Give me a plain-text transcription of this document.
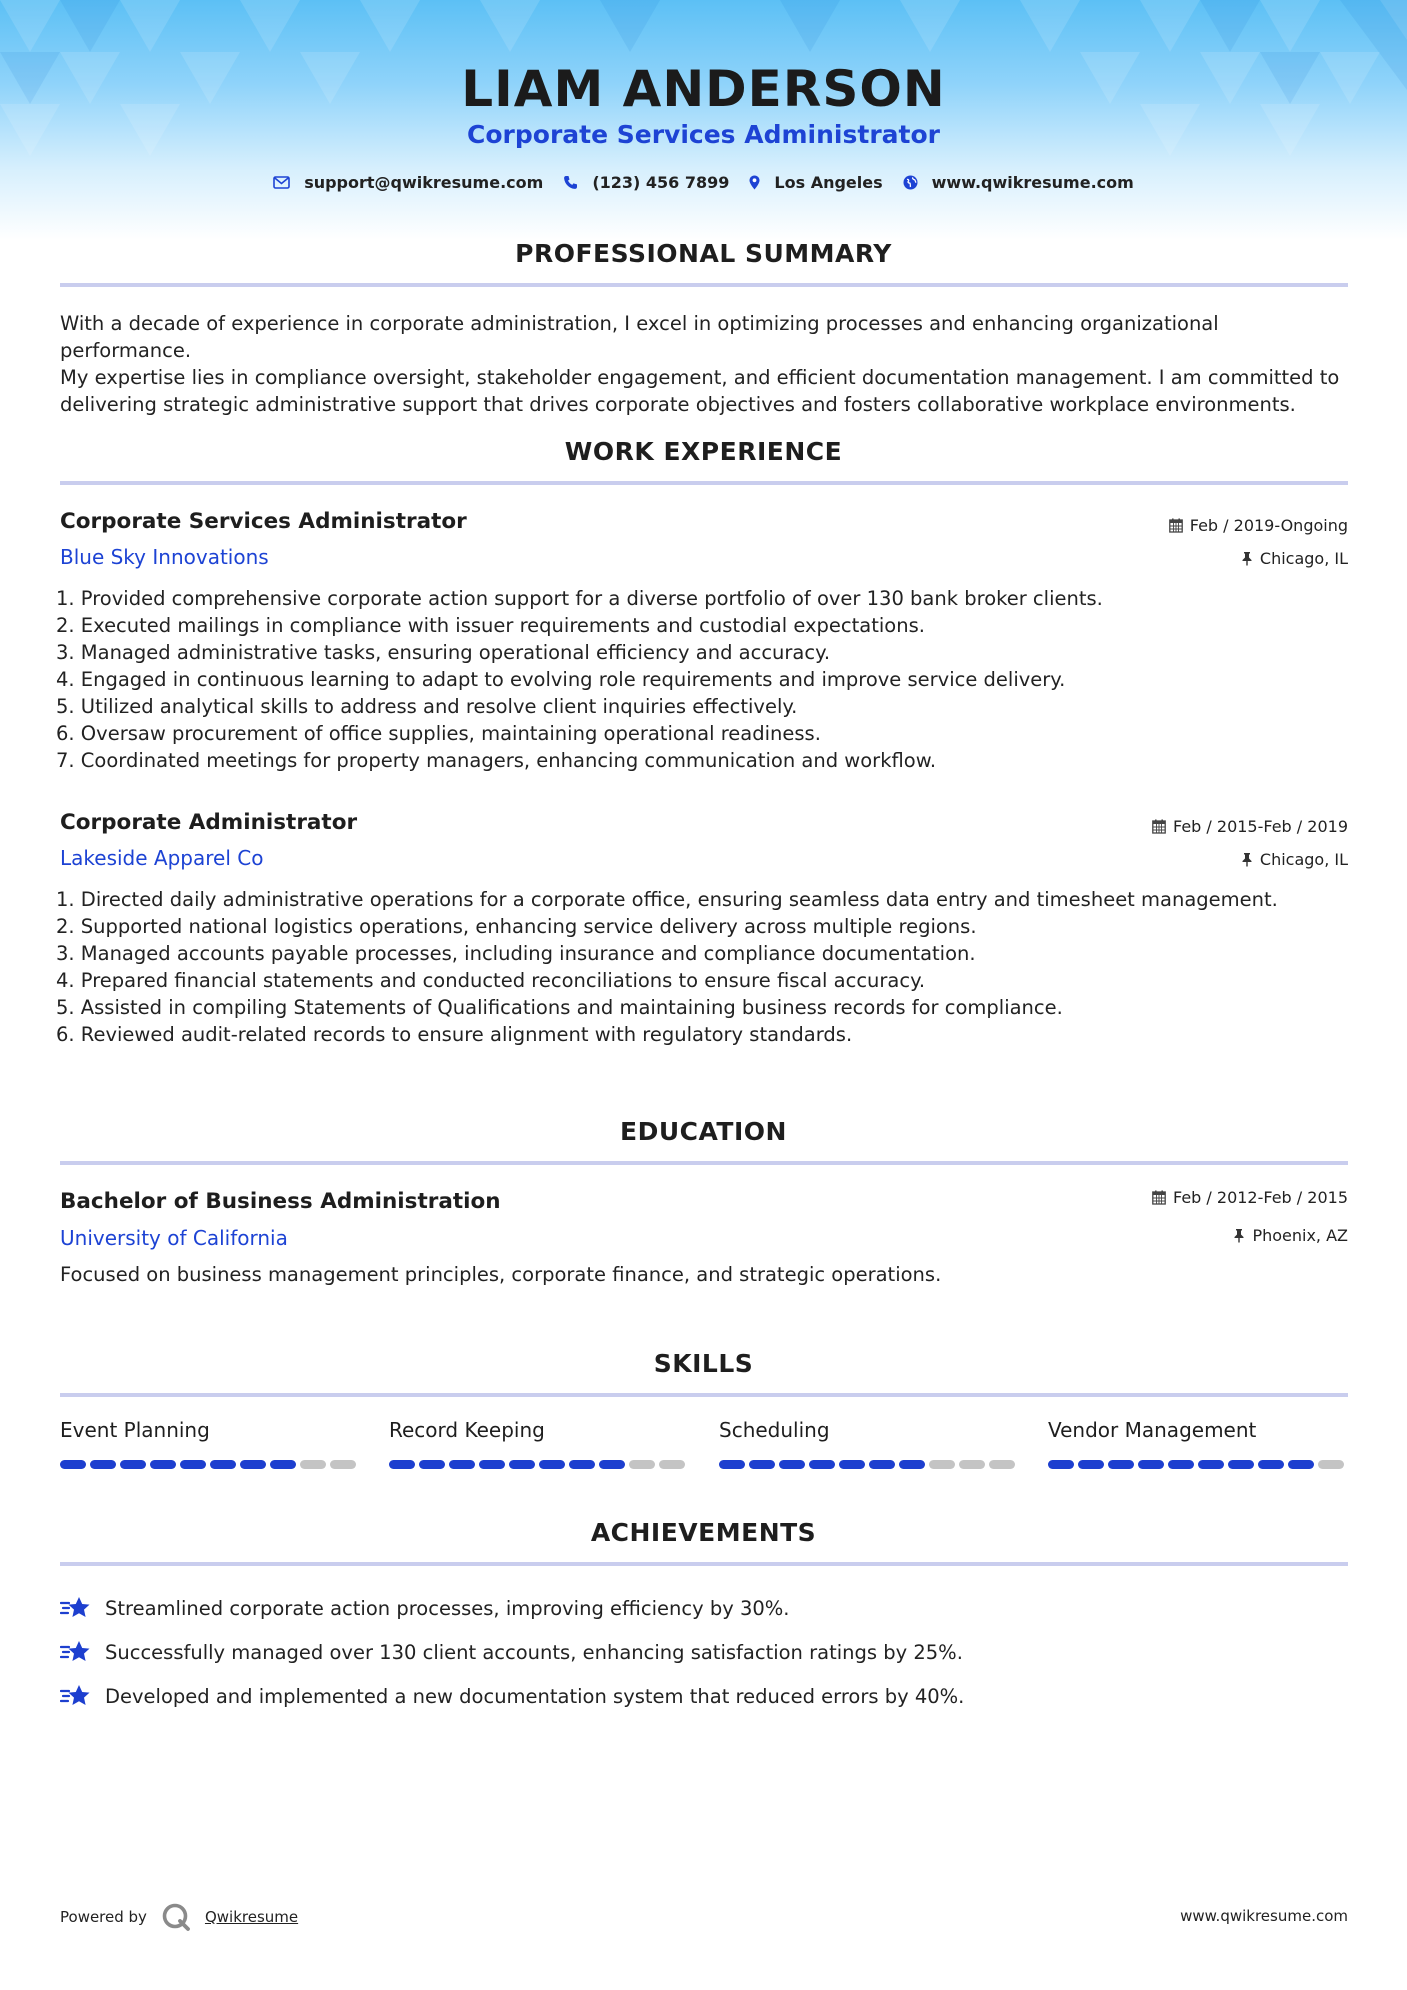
LIAM ANDERSON
Corporate Services Administrator
support@qwikresume.com	(123) 456 7899	Los Angeles	www.qwikresume.com
PROFESSIONAL SUMMARY
With a decade of experience in corporate administration, I excel in optimizing processes and enhancing organizational performance.
My expertise lies in compliance oversight, stakeholder engagement, and efficient documentation management. I am committed to
delivering strategic administrative support that drives corporate objectives and fosters collaborative workplace environments.
WORK EXPERIENCE
Corporate Services Administrator	Feb / 2019-Ongoing
Blue Sky Innovations	Chicago, IL
1. Provided comprehensive corporate action support for a diverse portfolio of over 130 bank broker clients.
2. Executed mailings in compliance with issuer requirements and custodial expectations.
3. Managed administrative tasks, ensuring operational efficiency and accuracy.
4. Engaged in continuous learning to adapt to evolving role requirements and improve service delivery.
5. Utilized analytical skills to address and resolve client inquiries effectively.
6. Oversaw procurement of office supplies, maintaining operational readiness.
7. Coordinated meetings for property managers, enhancing communication and workflow.
Corporate Administrator	Feb / 2015-Feb / 2019
Lakeside Apparel Co	Chicago, IL
1. Directed daily administrative operations for a corporate office, ensuring seamless data entry and timesheet management.
2. Supported national logistics operations, enhancing service delivery across multiple regions.
3. Managed accounts payable processes, including insurance and compliance documentation.
4. Prepared financial statements and conducted reconciliations to ensure fiscal accuracy.
5. Assisted in compiling Statements of Qualifications and maintaining business records for compliance.
6. Reviewed audit-related records to ensure alignment with regulatory standards.
EDUCATION
Bachelor of Business Administration	Feb / 2012-Feb / 2015
University of California	Phoenix, AZ
Focused on business management principles, corporate finance, and strategic operations.
SKILLS
Event Planning	Record Keeping	Scheduling	Vendor Management
ACHIEVEMENTS
Streamlined corporate action processes, improving efficiency by 30%.
Successfully managed over 130 client accounts, enhancing satisfaction ratings by 25%.
Developed and implemented a new documentation system that reduced errors by 40%.
Powered by	Qwikresume	www.qwikresume.com
